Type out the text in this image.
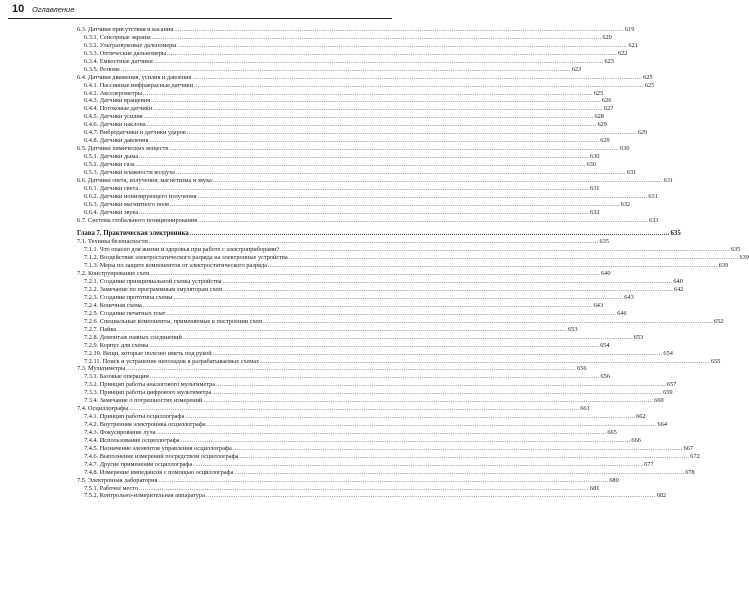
10 Оглавление
6.3. Датчики присутствия и касания .....	619
6.3.1. Сенсорные экраны .....	620
6.3.2. Ультразвуковые дальномеры .....	621
6.3.3. Оптические дальномеры .....	622
6.3.4. Емкостные датчики .....	623
6.3.5. Резюме .....	623
6.4. Датчики движения, усилия и давления .....	625
6.4.1. Пассивные инфракрасные датчики .....	625
6.4.2. Акселерометры .....	625
6.4.3. Датчики вращения .....	626
6.4.4. Потоковые датчики .....	627
6.4.5. Датчики усилия .....	628
6.4.6. Датчики наклона .....	629
6.4.7. Вибродатчики и датчики ударов .....	629
6.4.8. Датчики давления .....	629
6.5. Датчики химических веществ .....	630
6.5.1. Датчики дыма .....	630
6.5.2. Датчики газа .....	630
6.5.3. Датчики влажности воздуха .....	631
6.6. Датчики света, излучения, магнетизма и звука .....	631
6.6.1. Датчики света .....	631
6.6.2. Датчики ионизирующего излучения .....	631
6.6.3. Датчики магнитного поля .....	632
6.6.4. Датчики звука .....	632
6.7. Система глобального позиционирования .....	633
Глава 7. Практическая электроника .....	635
7.1. Техника безопасности .....	635
7.1.1. Что опасно для жизни и здоровья при работе с электроприборами? .....	635
7.1.2. Воздействие электростатического разряда на электронные устройства .....	639
7.1.3. Меры по защите компонентов от электростатического разряда .....	639
7.2. Конструирование схем .....	640
7.2.1. Создание принципиальной схемы устройства .....	640
7.2.2. Замечание по программным эмуляторам схем .....	642
7.2.3. Создание прототипа схемы .....	643
7.2.4. Конечная схема .....	643
7.2.5. Создание печатных плат .....	646
7.2.6. Специальные компоненты, применяемые в построении схем .....	652
7.2.7. Пайка .....	653
7.2.8. Демонтаж паяных соединений .....	653
7.2.9. Корпус для схемы .....	654
7.2.10. Вещи, которые полезно иметь под рукой .....	654
7.2.11. Поиск и устранение неполадок в разрабатываемых схемах .....	655
7.3. Мультиметры .....	656
7.3.1. Базовые операции .....	656
7.3.2. Принцип работы аналогового мультиметра .....	657
7.3.3. Принцип работы цифрового мультиметра .....	659
7.3.4. Замечание о погрешностях измерений .....	660
7.4. Осциллографы .....	661
7.4.1. Принцип работы осциллографа .....	662
7.4.2. Внутренняя электроника осциллографа .....	664
7.4.3. Фокусирование луча .....	665
7.4.4. Использование осциллографа .....	666
7.4.5. Назначение элементов управления осциллографа .....	667
7.4.6. Выполнение измерений посредством осциллографа .....	672
7.4.7. Другие применения осциллографа .....	677
7.4.8. Измерение импедансов с помощью осциллографа .....	678
7.5. Электронная лаборатория .....	680
7.5.1. Рабочее место .....	681
7.5.2. Контрольно-измерительная аппаратура .....	682
